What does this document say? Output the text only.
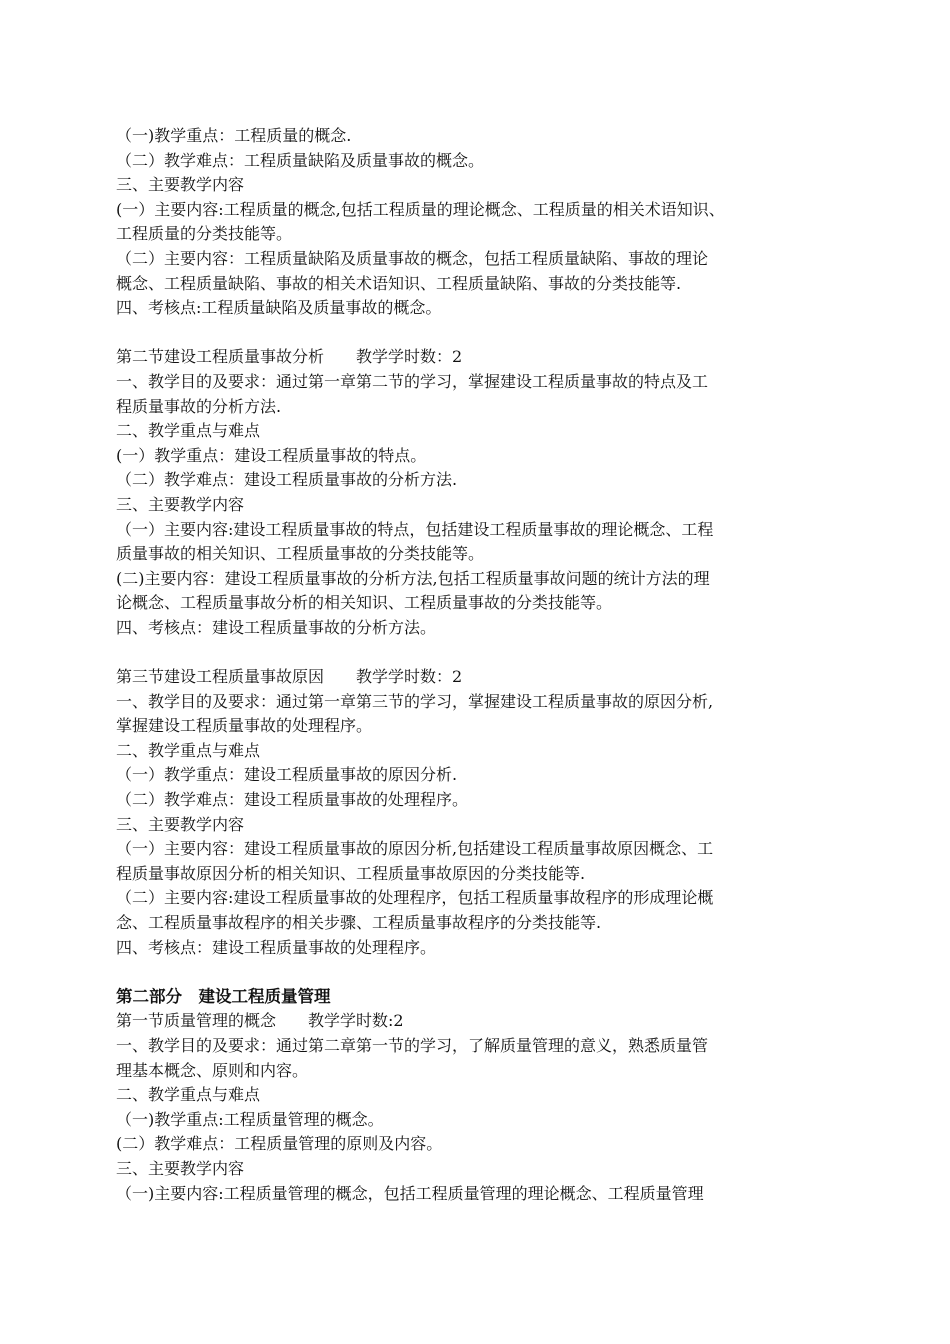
（一)教学重点：工程质量的概念.
（二）教学难点：工程质量缺陷及质量事故的概念。
三、主要教学内容
(一）主要内容:工程质量的概念,包括工程质量的理论概念、工程质量的相关术语知识、
工程质量的分类技能等。
（二）主要内容：工程质量缺陷及质量事故的概念，包括工程质量缺陷、事故的理论
概念、工程质量缺陷、事故的相关术语知识、工程质量缺陷、事故的分类技能等.
四、考核点:工程质量缺陷及质量事故的概念。
第二节建设工程质量事故分析　　教学学时数：2
一、教学目的及要求：通过第一章第二节的学习，掌握建设工程质量事故的特点及工
程质量事故的分析方法.
二、教学重点与难点
(一）教学重点：建设工程质量事故的特点。
（二）教学难点：建设工程质量事故的分析方法.
三、主要教学内容
（一）主要内容:建设工程质量事故的特点，包括建设工程质量事故的理论概念、工程
质量事故的相关知识、工程质量事故的分类技能等。
(二)主要内容：建设工程质量事故的分析方法,包括工程质量事故问题的统计方法的理
论概念、工程质量事故分析的相关知识、工程质量事故的分类技能等。
四、考核点：建设工程质量事故的分析方法。
第三节建设工程质量事故原因　　教学学时数：2
一、教学目的及要求：通过第一章第三节的学习，掌握建设工程质量事故的原因分析,
掌握建设工程质量事故的处理程序。
二、教学重点与难点
（一）教学重点：建设工程质量事故的原因分析.
（二）教学难点：建设工程质量事故的处理程序。
三、主要教学内容
（一）主要内容：建设工程质量事故的原因分析,包括建设工程质量事故原因概念、工
程质量事故原因分析的相关知识、工程质量事故原因的分类技能等.
（二）主要内容:建设工程质量事故的处理程序，包括工程质量事故程序的形成理论概
念、工程质量事故程序的相关步骤、工程质量事故程序的分类技能等.
四、考核点：建设工程质量事故的处理程序。
第二部分　建设工程质量管理
第一节质量管理的概念　　教学学时数:2
一、教学目的及要求：通过第二章第一节的学习，了解质量管理的意义，熟悉质量管
理基本概念、原则和内容。
二、教学重点与难点
（一)教学重点:工程质量管理的概念。
(二）教学难点：工程质量管理的原则及内容。
三、主要教学内容
（一)主要内容:工程质量管理的概念，包括工程质量管理的理论概念、工程质量管理
